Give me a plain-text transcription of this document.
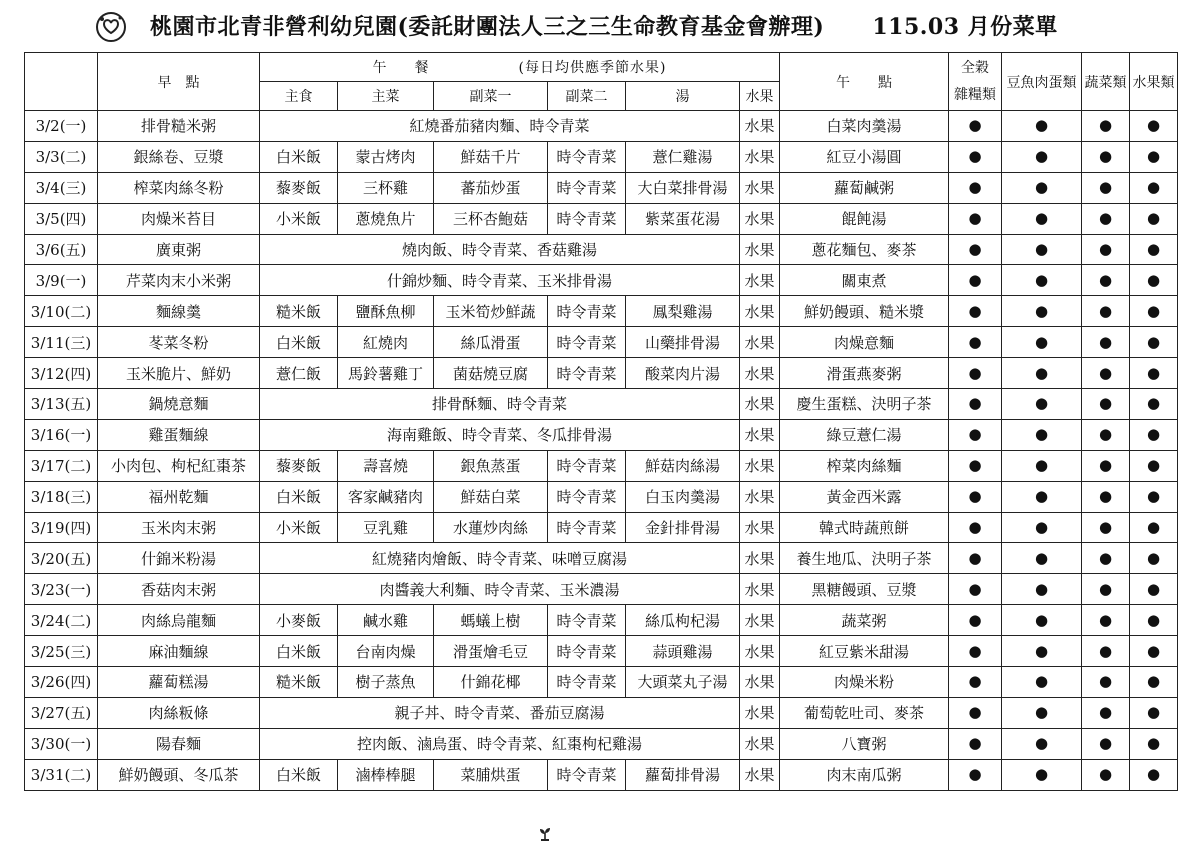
桃園市北青非營利幼兒園(委託財團法人三之三生命教育基金會辦理) 115.03 月份菜單
	早　點	午　　餐 (每日均供應季節水果)						午　　點	全穀
雜糧類	豆魚肉蛋類	蔬菜類	水果類
		主食	主菜	副菜一	副菜二	湯	水果					
3/2(一)	排骨糙米粥	紅燒番茄豬肉麵、時令青菜					水果	白菜肉羹湯	●	●	●	●
3/3(二)	銀絲卷、豆漿	白米飯	蒙古烤肉	鮮菇千片	時令青菜	薏仁雞湯	水果	紅豆小湯圓	●	●	●	●
3/4(三)	榨菜肉絲冬粉	藜麥飯	三杯雞	蕃茄炒蛋	時令青菜	大白菜排骨湯	水果	蘿蔔鹹粥	●	●	●	●
3/5(四)	肉燥米苔目	小米飯	蔥燒魚片	三杯杏鮑菇	時令青菜	紫菜蛋花湯	水果	餛飩湯	●	●	●	●
3/6(五)	廣東粥	燒肉飯、時令青菜、香菇雞湯					水果	蔥花麵包、麥茶	●	●	●	●
3/9(一)	芹菜肉末小米粥	什錦炒麵、時令青菜、玉米排骨湯					水果	關東煮	●	●	●	●
3/10(二)	麵線羹	糙米飯	鹽酥魚柳	玉米筍炒鮮蔬	時令青菜	鳳梨雞湯	水果	鮮奶饅頭、糙米漿	●	●	●	●
3/11(三)	苳菜冬粉	白米飯	紅燒肉	絲瓜滑蛋	時令青菜	山藥排骨湯	水果	肉燥意麵	●	●	●	●
3/12(四)	玉米脆片、鮮奶	薏仁飯	馬鈴薯雞丁	菌菇燒豆腐	時令青菜	酸菜肉片湯	水果	滑蛋燕麥粥	●	●	●	●
3/13(五)	鍋燒意麵	排骨酥麵、時令青菜					水果	慶生蛋糕、決明子茶	●	●	●	●
3/16(一)	雞蛋麵線	海南雞飯、時令青菜、冬瓜排骨湯					水果	綠豆薏仁湯	●	●	●	●
3/17(二)	小肉包、枸杞紅棗茶	藜麥飯	壽喜燒	銀魚蒸蛋	時令青菜	鮮菇肉絲湯	水果	榨菜肉絲麵	●	●	●	●
3/18(三)	福州乾麵	白米飯	客家鹹豬肉	鮮菇白菜	時令青菜	白玉肉羹湯	水果	黃金西米露	●	●	●	●
3/19(四)	玉米肉末粥	小米飯	豆乳雞	水蓮炒肉絲	時令青菜	金針排骨湯	水果	韓式時蔬煎餅	●	●	●	●
3/20(五)	什錦米粉湯	紅燒豬肉燴飯、時令青菜、味噌豆腐湯					水果	養生地瓜、決明子茶	●	●	●	●
3/23(一)	香菇肉末粥	肉醬義大利麵、時令青菜、玉米濃湯					水果	黑糖饅頭、豆漿	●	●	●	●
3/24(二)	肉絲烏龍麵	小麥飯	鹹水雞	螞蟻上樹	時令青菜	絲瓜枸杞湯	水果	蔬菜粥	●	●	●	●
3/25(三)	麻油麵線	白米飯	台南肉燥	滑蛋燴毛豆	時令青菜	蒜頭雞湯	水果	紅豆紫米甜湯	●	●	●	●
3/26(四)	蘿蔔糕湯	糙米飯	樹子蒸魚	什錦花椰	時令青菜	大頭菜丸子湯	水果	肉燥米粉	●	●	●	●
3/27(五)	肉絲粄條	親子丼、時令青菜、番茄豆腐湯					水果	葡萄乾吐司、麥茶	●	●	●	●
3/30(一)	陽春麵	控肉飯、滷鳥蛋、時令青菜、紅棗枸杞雞湯					水果	八寶粥	●	●	●	●
3/31(二)	鮮奶饅頭、冬瓜茶	白米飯	滷棒棒腿	菜脯烘蛋	時令青菜	蘿蔔排骨湯	水果	肉末南瓜粥	●	●	●	●
